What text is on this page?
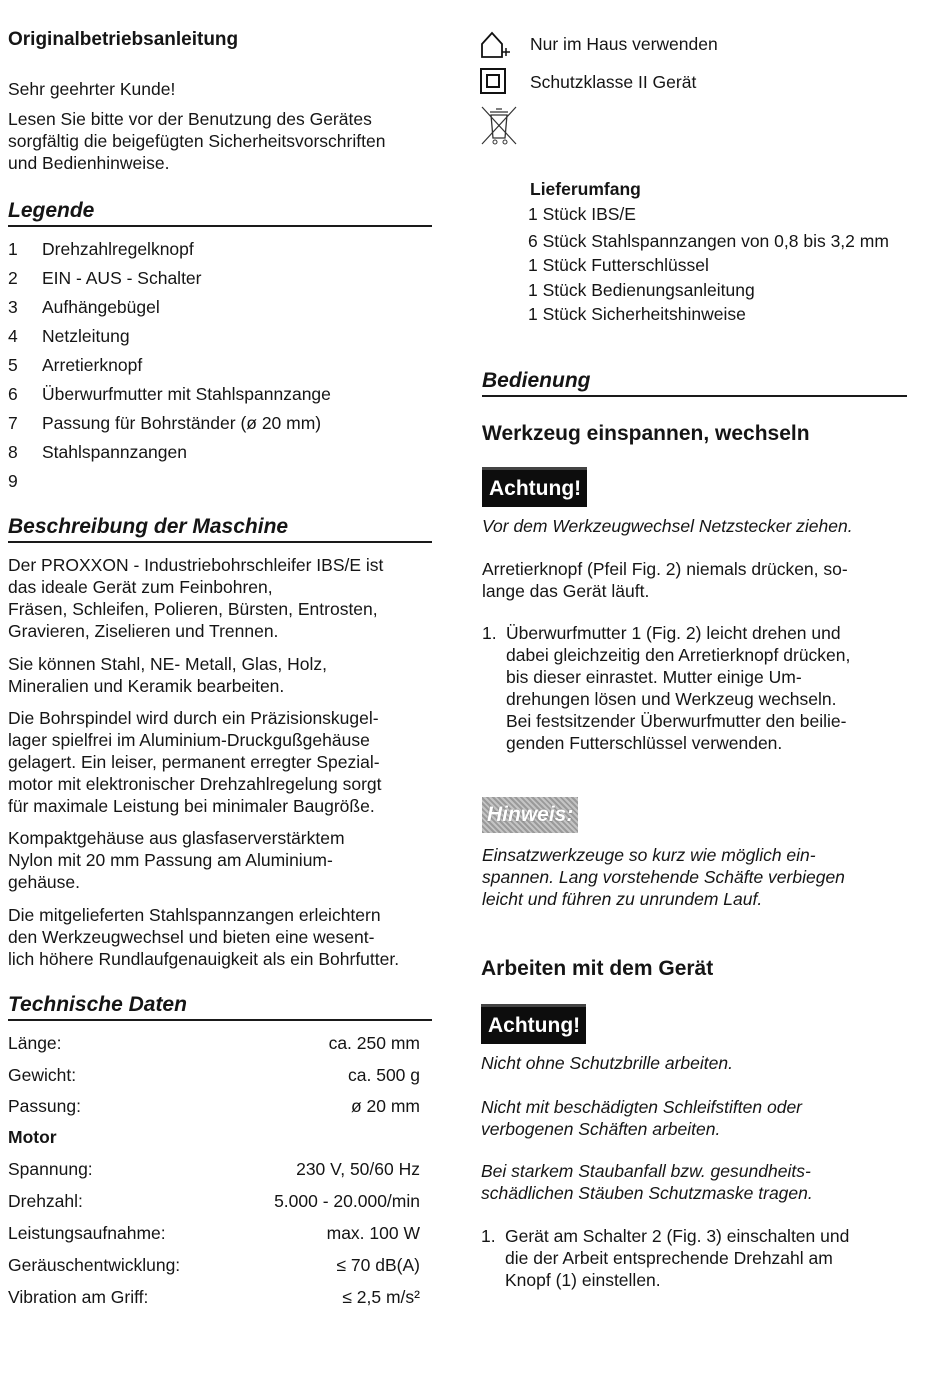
Originalbetriebsanleitung
Sehr geehrter Kunde!
Lesen Sie bitte vor der Benutzung des Gerätes
sorgfältig die beigefügten Sicherheitsvorschriften
und Bedienhinweise.
Legende
1	Drehzahlregelknopf
2	EIN - AUS - Schalter
3	Aufhängebügel
4	Netzleitung
5	Arretierknopf
6	Überwurfmutter mit Stahlspannzange
7	Passung für Bohrständer (ø 20 mm)
8	Stahlspannzangen
9
Beschreibung der Maschine
Der PROXXON - Industriebohrschleifer IBS/E ist
das ideale Gerät zum Feinbohren,
Fräsen, Schleifen, Polieren, Bürsten, Entrosten,
Gravieren, Ziselieren und Trennen.
Sie können Stahl, NE- Metall, Glas, Holz,
Mineralien und Keramik bearbeiten.
Die Bohrspindel wird durch ein Präzisionskugel-
lager spielfrei im Aluminium-Druckgußgehäuse
gelagert. Ein leiser, permanent erregter Spezial-
motor mit elektronischer Drehzahlregelung sorgt
für maximale Leistung bei minimaler Baugröße.
Kompaktgehäuse aus glasfaserverstärktem
Nylon mit 20 mm Passung am Aluminium-
gehäuse.
Die mitgelieferten Stahlspannzangen erleichtern
den Werkzeugwechsel und bieten eine wesent-
lich höhere Rundlaufgenauigkeit als ein Bohrfutter.
Technische Daten
Länge:	ca. 250 mm
Gewicht:	ca. 500 g
Passung:	ø 20 mm
Motor
Spannung:	230 V, 50/60 Hz
Drehzahl:	5.000 - 20.000/min
Leistungsaufnahme:	max. 100 W
Geräuschentwicklung:	≤ 70 dB(A)
Vibration am Griff:	≤ 2,5 m/s²
Nur im Haus verwenden
Schutzklasse II Gerät
Lieferumfang
1 Stück IBS/E
6 Stück Stahlspannzangen von 0,8 bis 3,2 mm
1 Stück Futterschlüssel
1 Stück Bedienungsanleitung
1 Stück Sicherheitshinweise
Bedienung
Werkzeug einspannen, wechseln
Achtung!
Vor dem Werkzeugwechsel Netzstecker ziehen.
Arretierknopf (Pfeil Fig. 2) niemals drücken, so-
lange das Gerät läuft.
1. Überwurfmutter 1 (Fig. 2) leicht drehen und
dabei gleichzeitig den Arretierknopf drücken,
bis dieser einrastet. Mutter einige Um-
drehungen lösen und Werkzeug wechseln.
Bei festsitzender Überwurfmutter den beilie-
genden Futterschlüssel verwenden.
Hinweis:
Einsatzwerkzeuge so kurz wie möglich ein-
spannen. Lang vorstehende Schäfte verbiegen
leicht und führen zu unrundem Lauf.
Arbeiten mit dem Gerät
Achtung!
Nicht ohne Schutzbrille arbeiten.
Nicht mit beschädigten Schleifstiften oder
verbogenen Schäften arbeiten.
Bei starkem Staubanfall bzw. gesundheits-
schädlichen Stäuben Schutzmaske tragen.
1. Gerät am Schalter 2 (Fig. 3) einschalten und
die der Arbeit entsprechende Drehzahl am
Knopf (1) einstellen.
